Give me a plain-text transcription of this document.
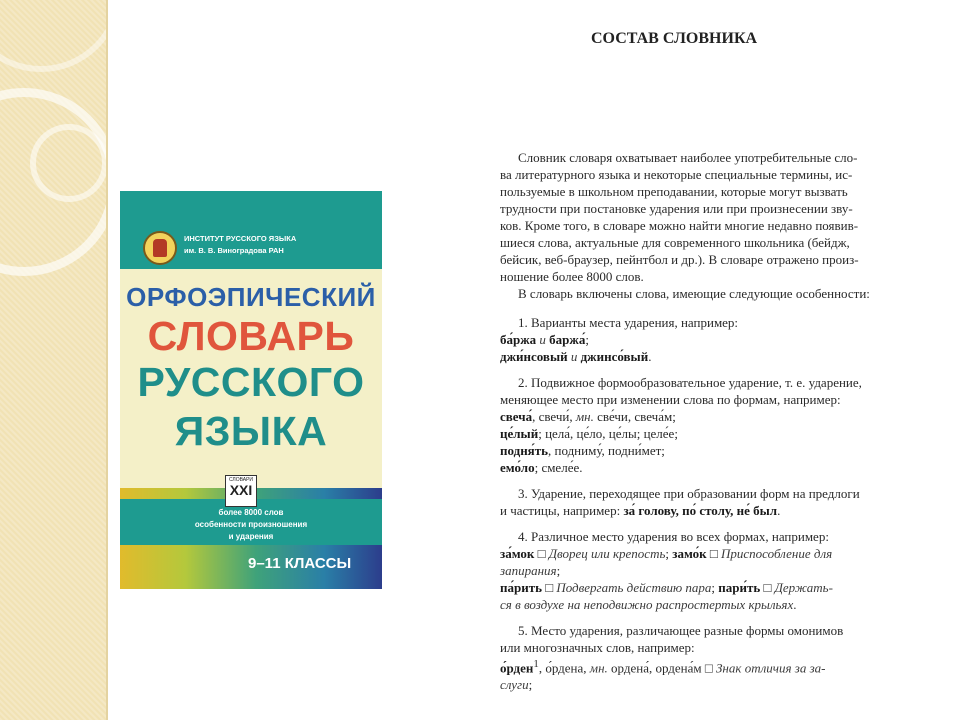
ИНСТИТУТ РУССКОГО ЯЗЫКА
им. В. В. Виноградова РАН
ОРФОЭПИЧЕСКИЙ
СЛОВАРЬ
РУССКОГО
ЯЗЫКА
СЛОВАРИ
XXI
более 8000 слов
особенности произношения
и ударения
9–11 КЛАССЫ
СОСТАВ СЛОВНИКА

Словник словаря охватывает наиболее употребительные сло-
ва литературного языка и некоторые специальные термины, ис-
пользуемые в школьном преподавании, которые могут вызвать
трудности при постановке ударения или при произнесении зву-
ков. Кроме того, в словаре можно найти многие недавно появив-
шиеся слова, актуальные для современного школьника (бейдж,
бейсик, веб-браузер, пейнтбол и др.). В словаре отражено произ-
ношение более 8000 слов.

В словарь включены слова, имеющие следующие особенности:

1. Варианты места ударения, например:
ба́ржа и баржа́;
джи́нсовый и джинсо́вый.
2. Подвижное формообразовательное ударение, т. е. ударение,
меняющее место при изменении слова по формам, например:
свеча́, свечи́, мн. све́чи, свеча́м;
це́лый; цела́, це́ло, це́лы; целе́е;
подня́ть, подниму́, подни́мет;
емо́ло; смеле́е.
3. Ударение, переходящее при образовании форм на предлоги
и частицы, например: за́ голову, по́ столу, не́ был.
4. Различное место ударения во всех формах, например:
за́мок □ Дворец или крепость; замо́к □ Приспособление для
запирания;
па́рить □ Подвергать действию пара; пари́ть □ Держать-
ся в воздухе на неподвижно распростертых крыльях.
5. Место ударения, различающее разные формы омонимов
или многозначных слов, например:
о́рден$^1$, о́рдена, мн. ордена́, ордена́м □ Знак отличия за за-
слуги;
